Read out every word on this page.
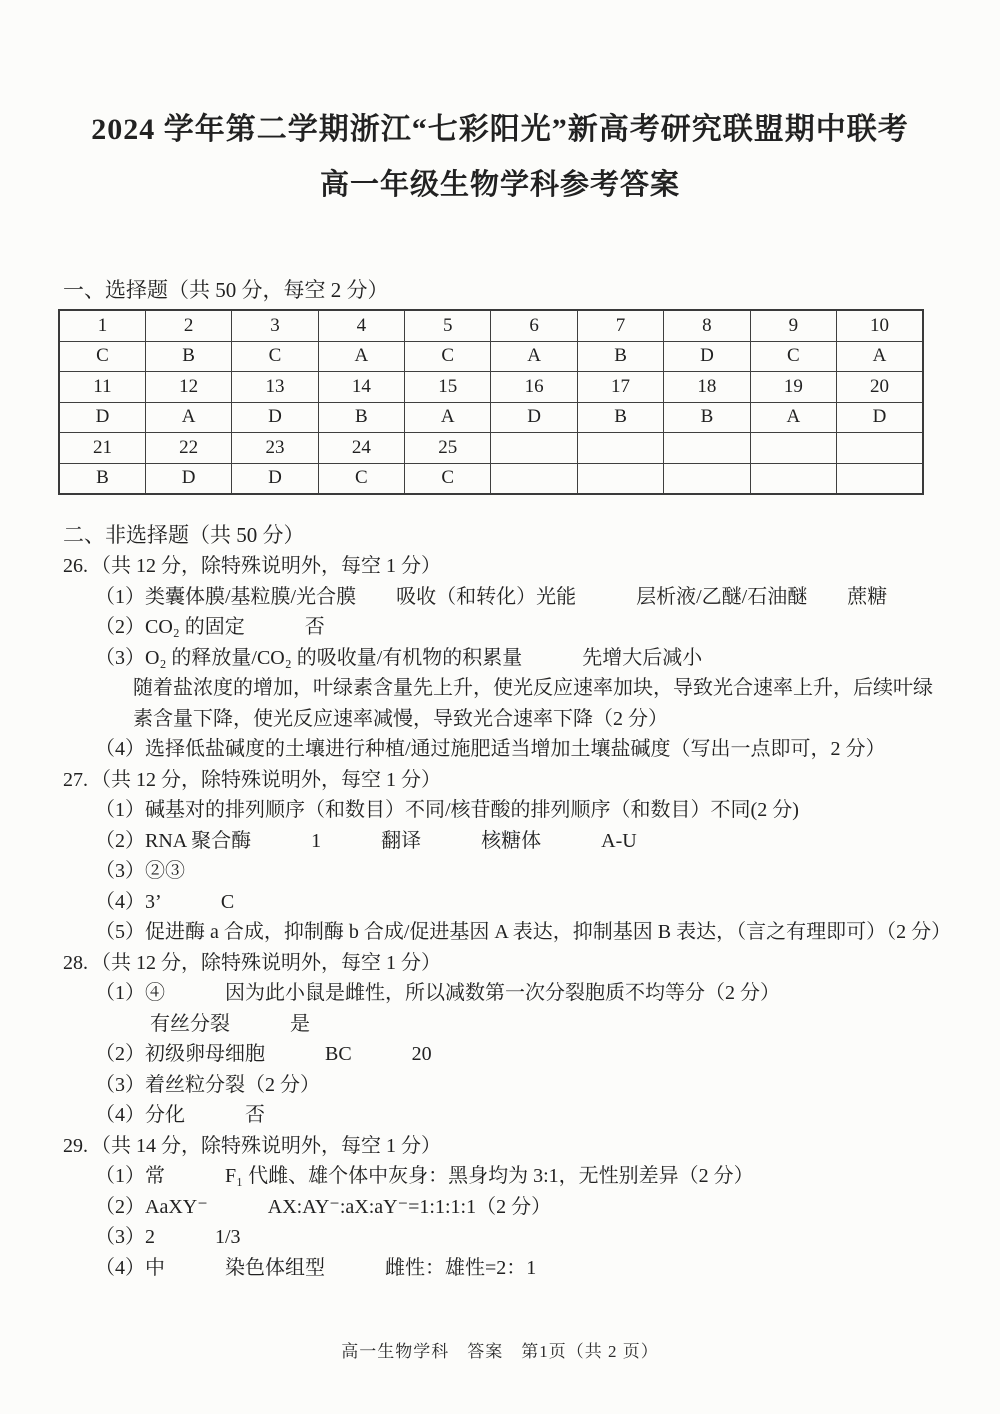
2024 学年第二学期浙江“七彩阳光”新高考研究联盟期中联考
高一年级生物学科参考答案
一、选择题（共 50 分，每空 2 分）
1	2	3	4	5	6	7	8	9	10
C	B	C	A	C	A	B	D	C	A
11	12	13	14	15	16	17	18	19	20
D	A	D	B	A	D	B	B	A	D
21	22	23	24	25					
B	D	D	C	C					
二、非选择题（共 50 分）
26. （共 12 分，除特殊说明外，每空 1 分）
（1）类囊体膜/基粒膜/光合膜　　吸收（和转化）光能　　　层析液/乙醚/石油醚　　蔗糖
（2）CO₂ 的固定　　　否
（3）O₂ 的释放量/CO₂ 的吸收量/有机物的积累量　　　先增大后减小
随着盐浓度的增加，叶绿素含量先上升，使光反应速率加块，导致光合速率上升，后续叶绿素含量下降，使光反应速率减慢，导致光合速率下降（2 分）
（4）选择低盐碱度的土壤进行种植/通过施肥适当增加土壤盐碱度（写出一点即可，2 分）
27. （共 12 分，除特殊说明外，每空 1 分）
（1）碱基对的排列顺序（和数目）不同/核苷酸的排列顺序（和数目）不同(2 分)
（2）RNA 聚合酶　　　1　　　翻译　　　核糖体　　　A-U
（3）②③
（4）3’　　　C
（5）促进酶 a 合成，抑制酶 b 合成/促进基因 A 表达，抑制基因 B 表达，（言之有理即可）（2 分）
28. （共 12 分，除特殊说明外，每空 1 分）
（1）④　　　因为此小鼠是雌性，所以减数第一次分裂胞质不均等分（2 分）
有丝分裂　　　是
（2）初级卵母细胞　　　BC　　　20
（3）着丝粒分裂（2 分）
（4）分化　　　否
29. （共 14 分，除特殊说明外，每空 1 分）
（1）常　　　F₁ 代雌、雄个体中灰身：黑身均为 3:1，无性别差异（2 分）
（2）AaXY⁻　　　AX:AY⁻:aX:aY⁻=1:1:1:1（2 分）
（3）2　　　1/3
（4）中　　　染色体组型　　　雌性：雄性=2：1
高一生物学科　答案　第1页（共 2 页）
